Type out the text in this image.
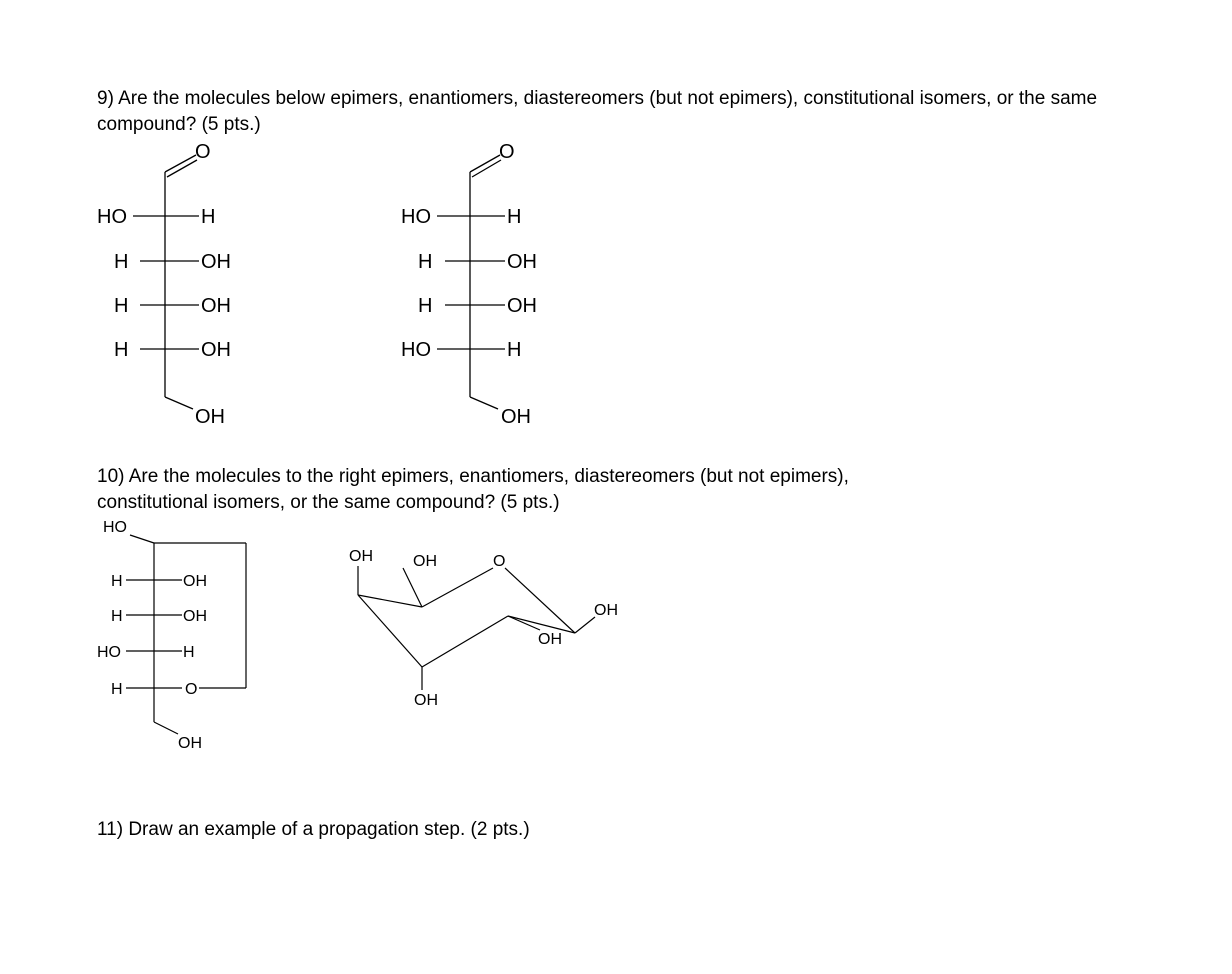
9) Are the molecules below epimers, enantiomers, diastereomers (but not epimers), constitutional isomers, or the same compound? (5 pts.)
10) Are the molecules to the right epimers, enantiomers, diastereomers (but not epimers), constitutional isomers, or the same compound? (5 pts.)
11) Draw an example of a propagation step. (2 pts.)
O
HO	H
H	OH
H	OH
H	OH
OH
O
HO	H
H	OH
H	OH
HO	H
OH
HO
H	OH
H	OH
HO	H
H	O
OH
OH	OH	O
OH
OH
OH
